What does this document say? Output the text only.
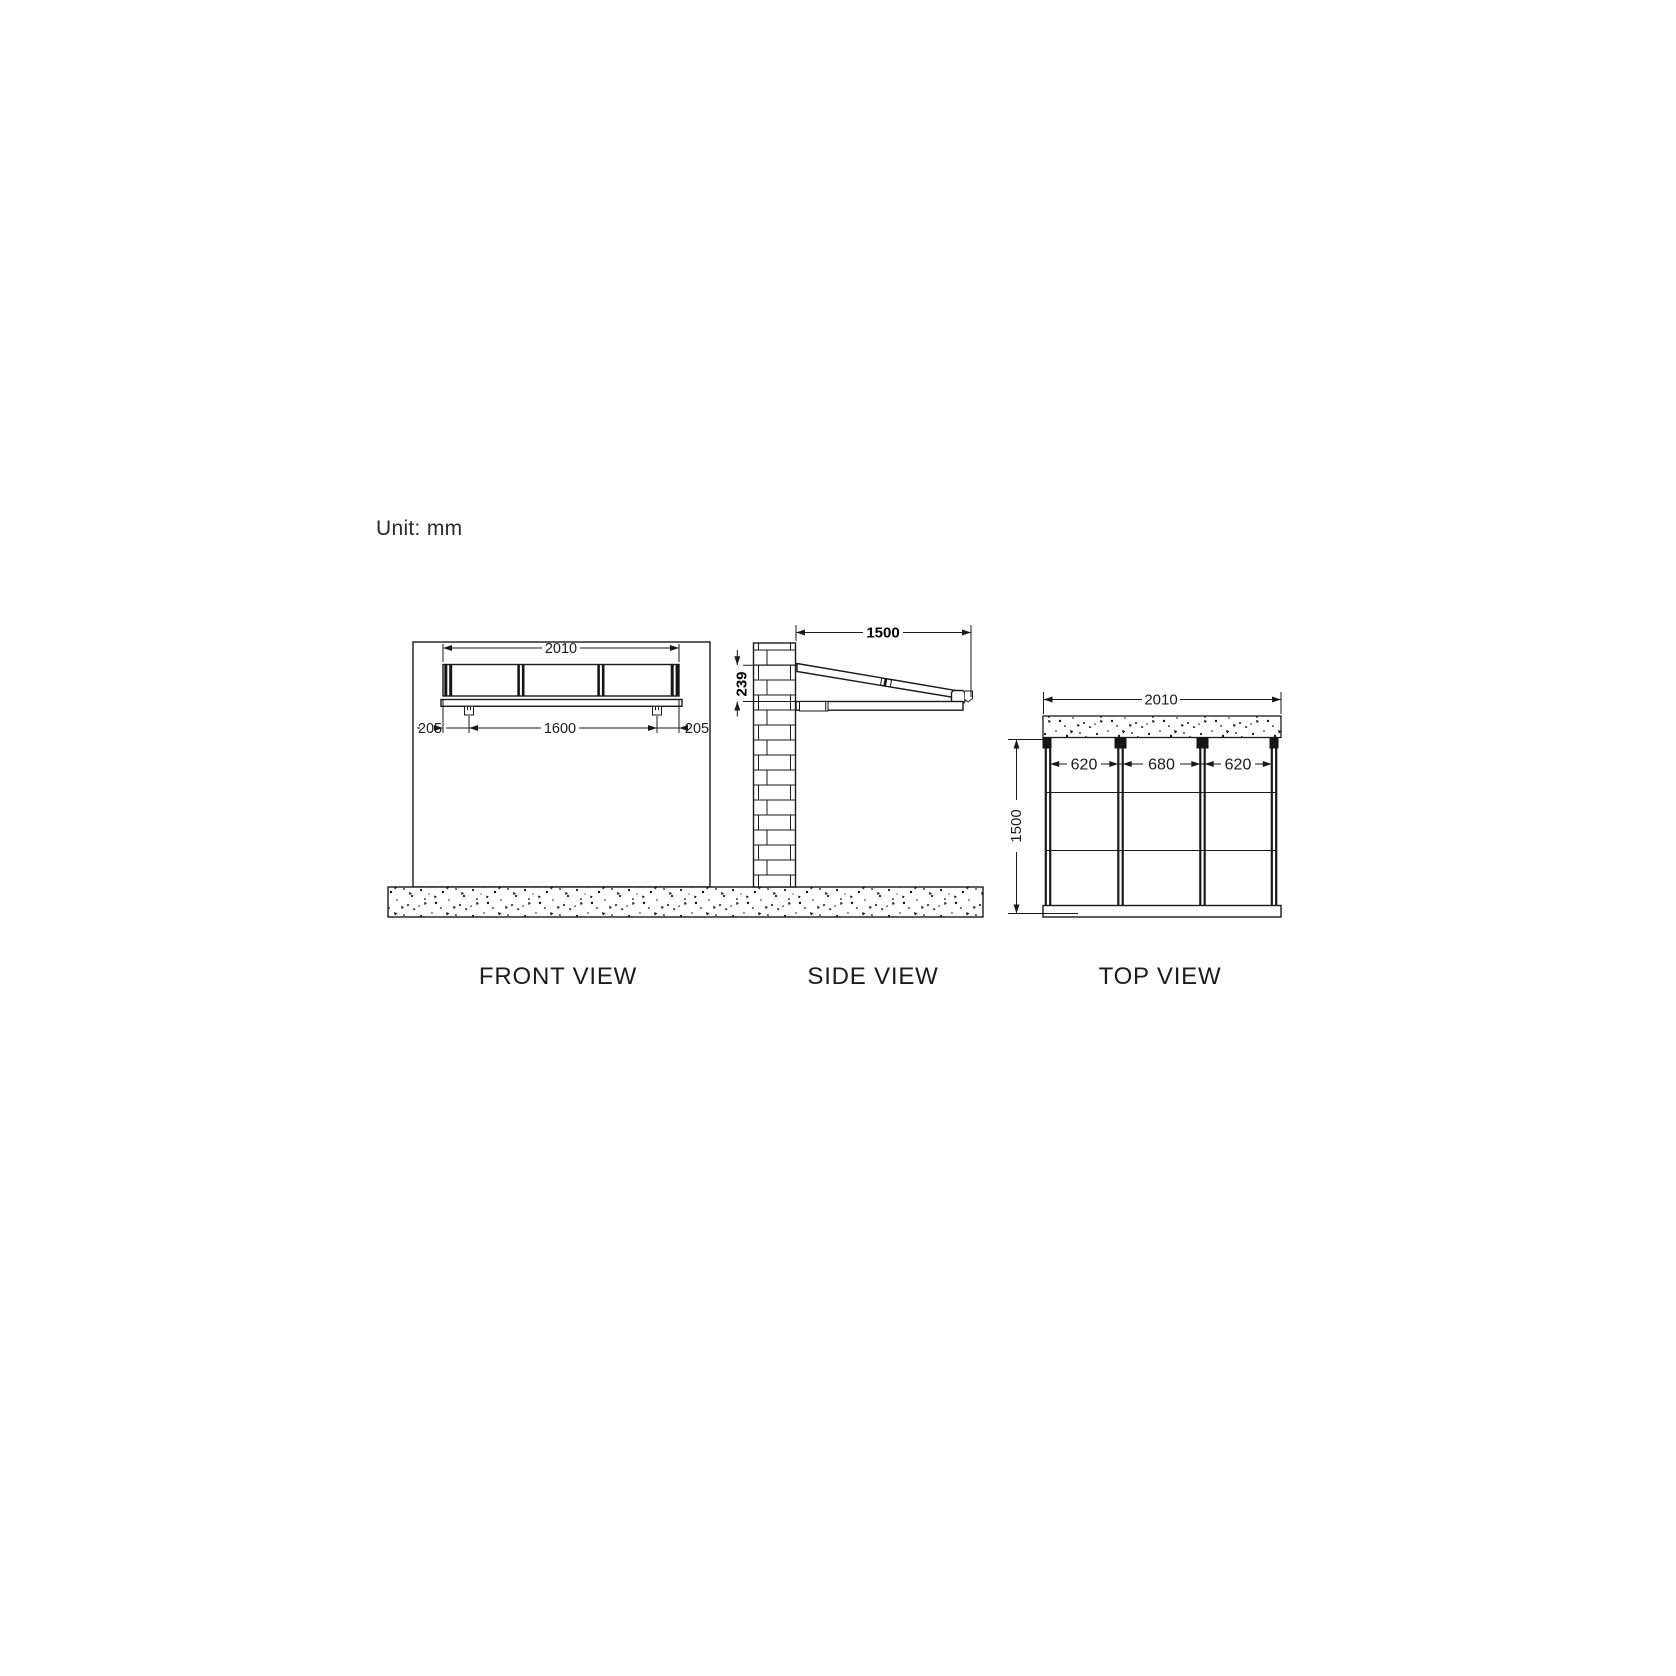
Unit: mm
2010
205	1600	205
1500
239
2010
620	680	620
1500
FRONT VIEW	SIDE VIEW	TOP VIEW
